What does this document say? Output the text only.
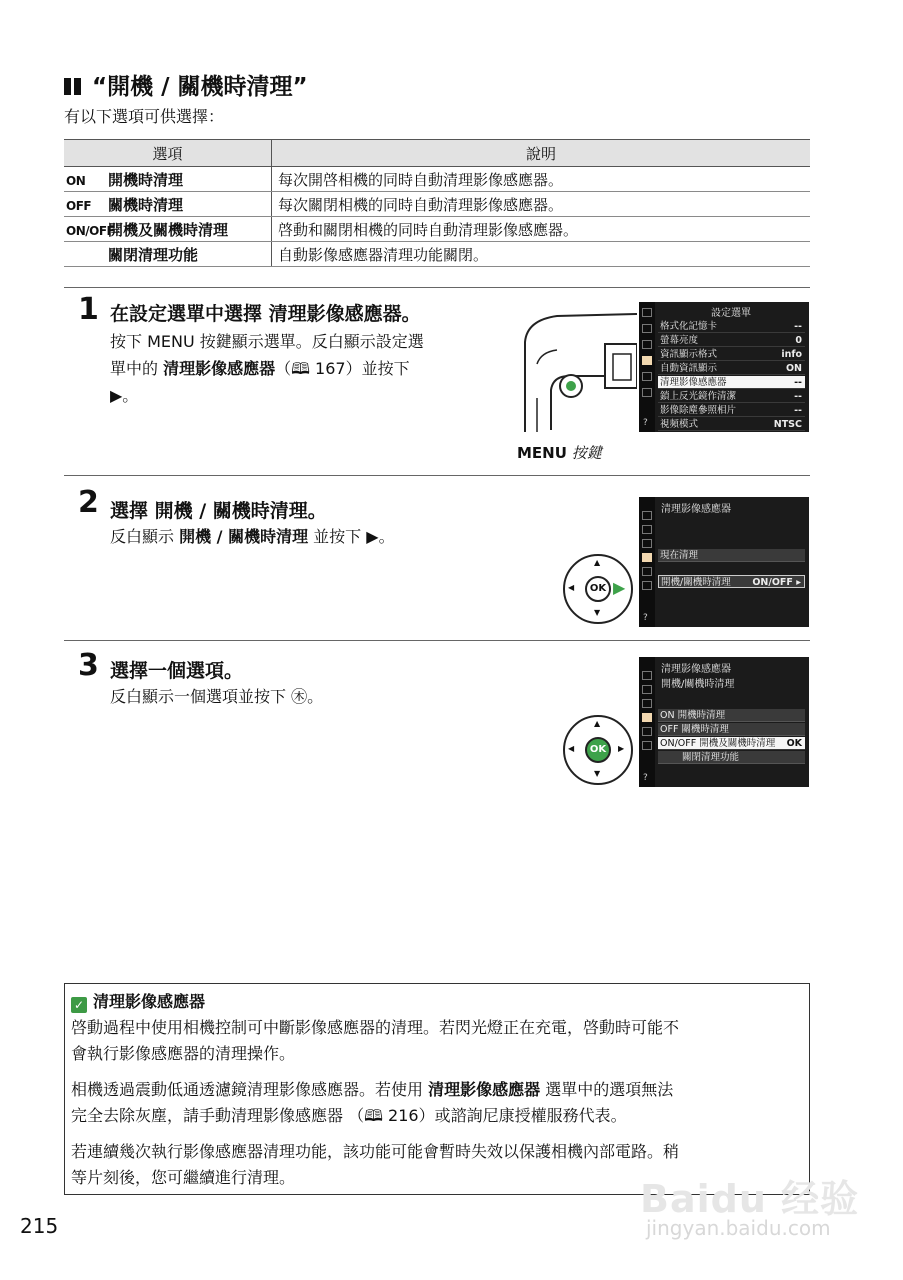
“開機 / 關機時清理”
有以下選項可供選擇：
選項	說明
ON 開機時清理	每次開啓相機的同時自動清理影像感應器。
OFF 關機時清理	每次關閉相機的同時自動清理影像感應器。
ON/OFF開機及關機時清理	啓動和關閉相機的同時自動清理影像感應器。
關閉清理功能	自動影像感應器清理功能關閉。
1 在設定選單中選擇 清理影像感應器。
按下 MENU 按鍵顯示選單。反白顯示設定選
單中的 清理影像感應器（🕮 167）並按下
▶。
?
設定選單
格式化記憶卡	--
螢幕亮度	0
資訊顯示格式	info
自動資訊顯示	ON
清理影像感應器	--
鎖上反光鏡作清潔	--
影像除塵參照相片	--
視頻模式	NTSC
MENU 按鍵
2 選擇 開機 / 關機時清理。
反白顯示 開機 / 關機時清理 並按下 ▶。
OK
▲
▼
◀ ▶
?
清理影像感應器
現在清理
開機/關機時清理 ON/OFF ▸
3 選擇一個選項。
反白顯示一個選項並按下 ㊍。
OK
▲
▼
◀	▶
清理影像感應器
開機/關機時清理
ON 開機時清理
OFF 關機時清理
ON/OFF 開機及關機時清理 OK
關閉清理功能
?
✓ 清理影像感應器
啓動過程中使用相機控制可中斷影像感應器的清理。若閃光燈正在充電，啓動時可能不
會執行影像感應器的清理操作。
相機透過震動低通透濾鏡清理影像感應器。若使用 清理影像感應器 選單中的選項無法
完全去除灰塵，請手動清理影像感應器 （🕮 216）或諮詢尼康授權服務代表。
若連續幾次執行影像感應器清理功能，該功能可能會暫時失效以保護相機內部電路。稍
等片刻後，您可繼續進行清理。
215
Baidu 经验
jingyan.baidu.com
